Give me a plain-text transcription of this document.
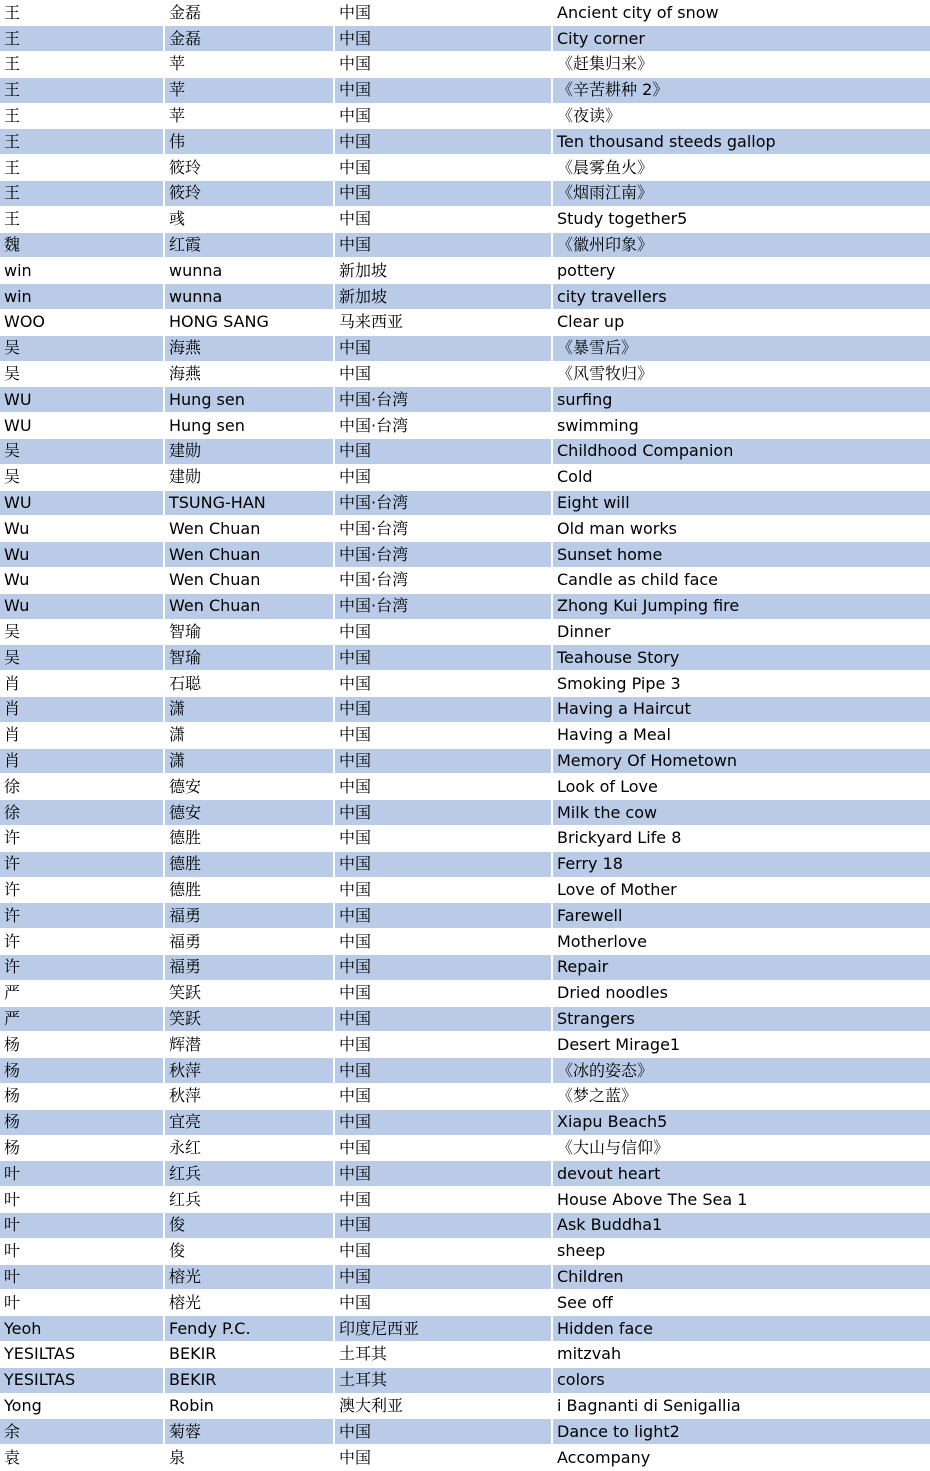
王	金磊	中国	Ancient city of snow
王	金磊	中国	City corner
王	苹	中国	《赶集归来》
王	苹	中国	《辛苦耕种 2》
王	苹	中国	《夜读》
王	伟	中国	Ten thousand steeds gallop
王	筱玲	中国	《晨雾鱼火》
王	筱玲	中国	《烟雨江南》
王	彧	中国	Study together5
魏	红霞	中国	《徽州印象》
win	wunna	新加坡	pottery
win	wunna	新加坡	city travellers
WOO	HONG SANG	马来西亚	Clear up
吴	海燕	中国	《暴雪后》
吴	海燕	中国	《风雪牧归》
WU	Hung sen	中国·台湾	surfing
WU	Hung sen	中国·台湾	swimming
吴	建勋	中国	Childhood Companion
吴	建勋	中国	Cold
WU	TSUNG-HAN	中国·台湾	Eight will
Wu	Wen Chuan	中国·台湾	Old man works
Wu	Wen Chuan	中国·台湾	Sunset home
Wu	Wen Chuan	中国·台湾	Candle as child face
Wu	Wen Chuan	中国·台湾	Zhong Kui Jumping fire
吴	智瑜	中国	Dinner
吴	智瑜	中国	Teahouse Story
肖	石聪	中国	Smoking Pipe 3
肖	潇	中国	Having a Haircut
肖	潇	中国	Having a Meal
肖	潇	中国	Memory Of Hometown
徐	德安	中国	Look of Love
徐	德安	中国	Milk the cow
许	德胜	中国	Brickyard Life 8
许	德胜	中国	Ferry 18
许	德胜	中国	Love of Mother
许	福勇	中国	Farewell
许	福勇	中国	Motherlove
许	福勇	中国	Repair
严	笑跃	中国	Dried noodles
严	笑跃	中国	Strangers
杨	辉潜	中国	Desert Mirage1
杨	秋萍	中国	《冰的姿态》
杨	秋萍	中国	《梦之蓝》
杨	宜亮	中国	Xiapu Beach5
杨	永红	中国	《大山与信仰》
叶	红兵	中国	devout heart
叶	红兵	中国	House Above The Sea 1
叶	俊	中国	Ask Buddha1
叶	俊	中国	sheep
叶	榕光	中国	Children
叶	榕光	中国	See off
Yeoh	Fendy P.C.	印度尼西亚	Hidden face
YESILTAS	BEKIR	土耳其	mitzvah
YESILTAS	BEKIR	土耳其	colors
Yong	Robin	澳大利亚	i Bagnanti di Senigallia
余	菊蓉	中国	Dance to light2
袁	泉	中国	Accompany
